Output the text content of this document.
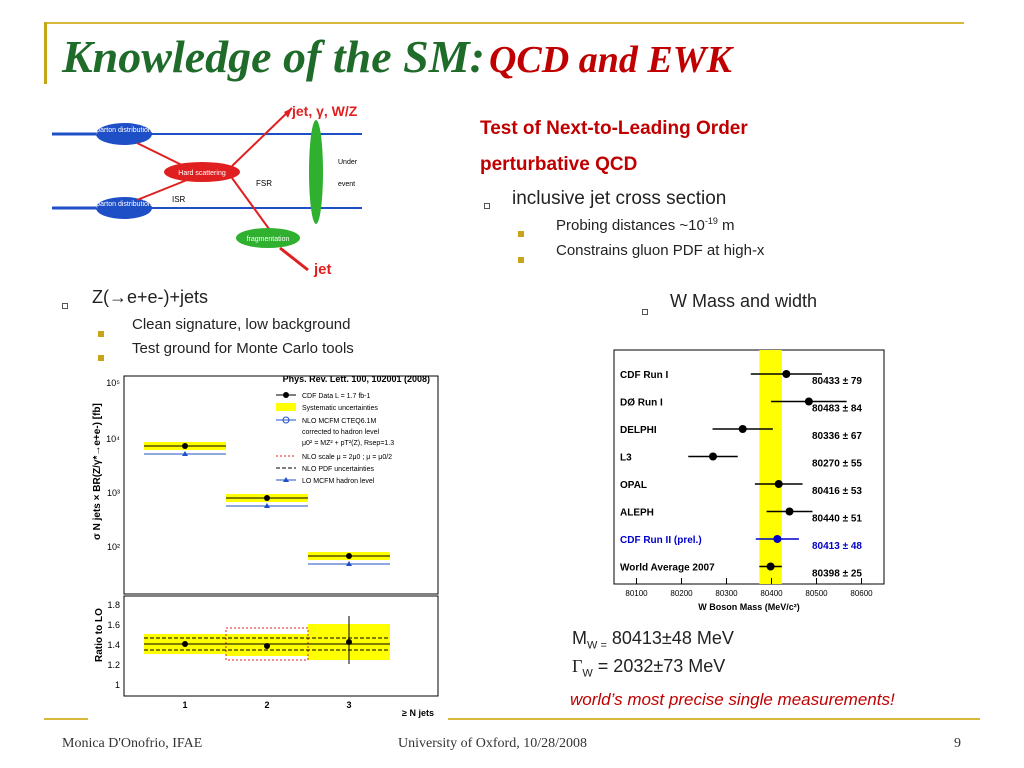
Knowledge of the SM: QCD and EWK
parton distribution
parton distribution
Hard scattering
FSR
ISR
Under
event
jet, γ, W/Z
fragmentation
jet
Test of Next-to-Leading Order
perturbative QCD
inclusive jet cross section
Probing distances $\sim 10^{-19}$ m
Constrains gluon PDF at high-x
Z(→e+e-)+jets
Clean signature, low background
Test ground for Monte Carlo tools
W Mass and width
Phys. Rev. Lett. 100, 102001 (2008)
σ N jets × BR(Z/γ*→e+e-) [fb]
10⁵
10⁴
10³
10²
CDF Data L = 1.7 fb-1
Systematic uncertainties
NLO MCFM CTEQ6.1M
corrected to hadron level
μ0² = MZ² + pT²(Z), Rsep=1.3
NLO scale μ = 2μ0 ; μ = μ0/2
NLO PDF uncertainties
LO MCFM hadron level
Ratio to LO
1.8
1.6
1.4
1.2
1
1	2	3
≥ N jets
CDF Run I
80433 ± 79
DØ Run I
80483 ± 84
DELPHI
80336 ± 67
L3
80270 ± 55
OPAL
80416 ± 53
ALEPH
80440 ± 51
CDF Run II (prel.)
80413 ± 48
World Average 2007
80398 ± 25
80100	80200	80300	80400	80500	80600
W Boson Mass (MeV/c²)
$M_{W =}$ 80413±48 MeV
$\Gamma_W = 2032\pm 73$ MeV
world’s most precise single measurements!
Monica D'Onofrio, IFAE	University of Oxford, 10/28/2008	9
